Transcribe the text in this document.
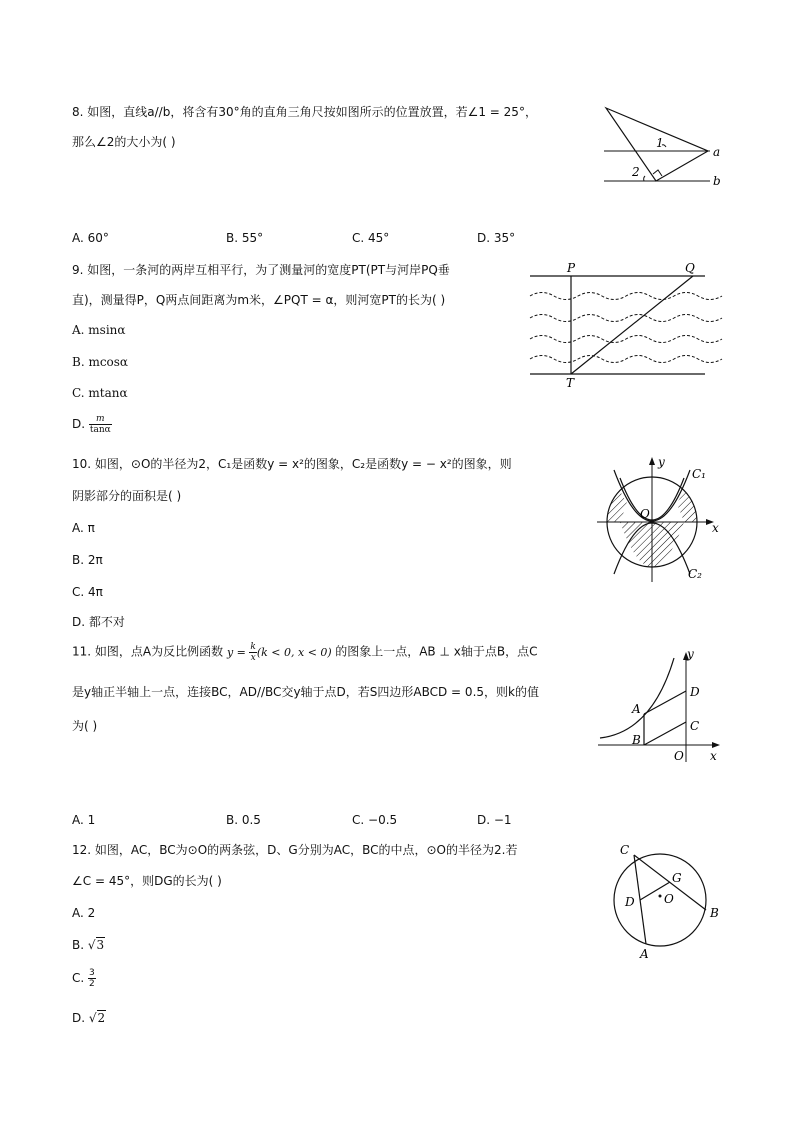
8. 如图，直线a//b，将含有30°角的直角三角尺按如图所示的位置放置，若∠1 = 25°，
那么∠2的大小为( )	1
2
a
b
A. 60°	B. 55°	C. 45°	D. 35°
9. 如图，一条河的两岸互相平行，为了测量河的宽度PT(PT与河岸PQ垂
直)，测量得P，Q两点间距离为m米，∠PQT = α，则河宽PT的长为( )
P	Q
T
A. msinα
B. mcosα
C. mtanα
D. $\frac{m}{\tan\alpha}$
10. 如图，⊙O的半径为2，C₁是函数y = x²的图象，C₂是函数y = − x²的图象，则
阴影部分的面积是( )
y
x
O
C₁
C₂
A. π
B. 2π
C. 4π
D. 都不对
11. 如图，点A为反比例函数 $y = \frac{k}{x} (k < 0$, x < 0) 的图象上一点，AB ⊥ x轴于点B，点C
是y轴正半轴上一点，连接BC，AD//BC交y轴于点D，若S四边形ABCD = 0.5，则k的值
为( )
y
x
A
B
C
D
O
A. 1	B. 0.5	C. −0.5	D. −1
12. 如图，AC，BC为⊙O的两条弦，D、G分别为AC，BC的中点，⊙O的半径为2.若
∠C = 45°，则DG的长为( )
C
B
A
D
G
O
A. 2
B. √3
C. $\frac{3}{2}$
D. √2
